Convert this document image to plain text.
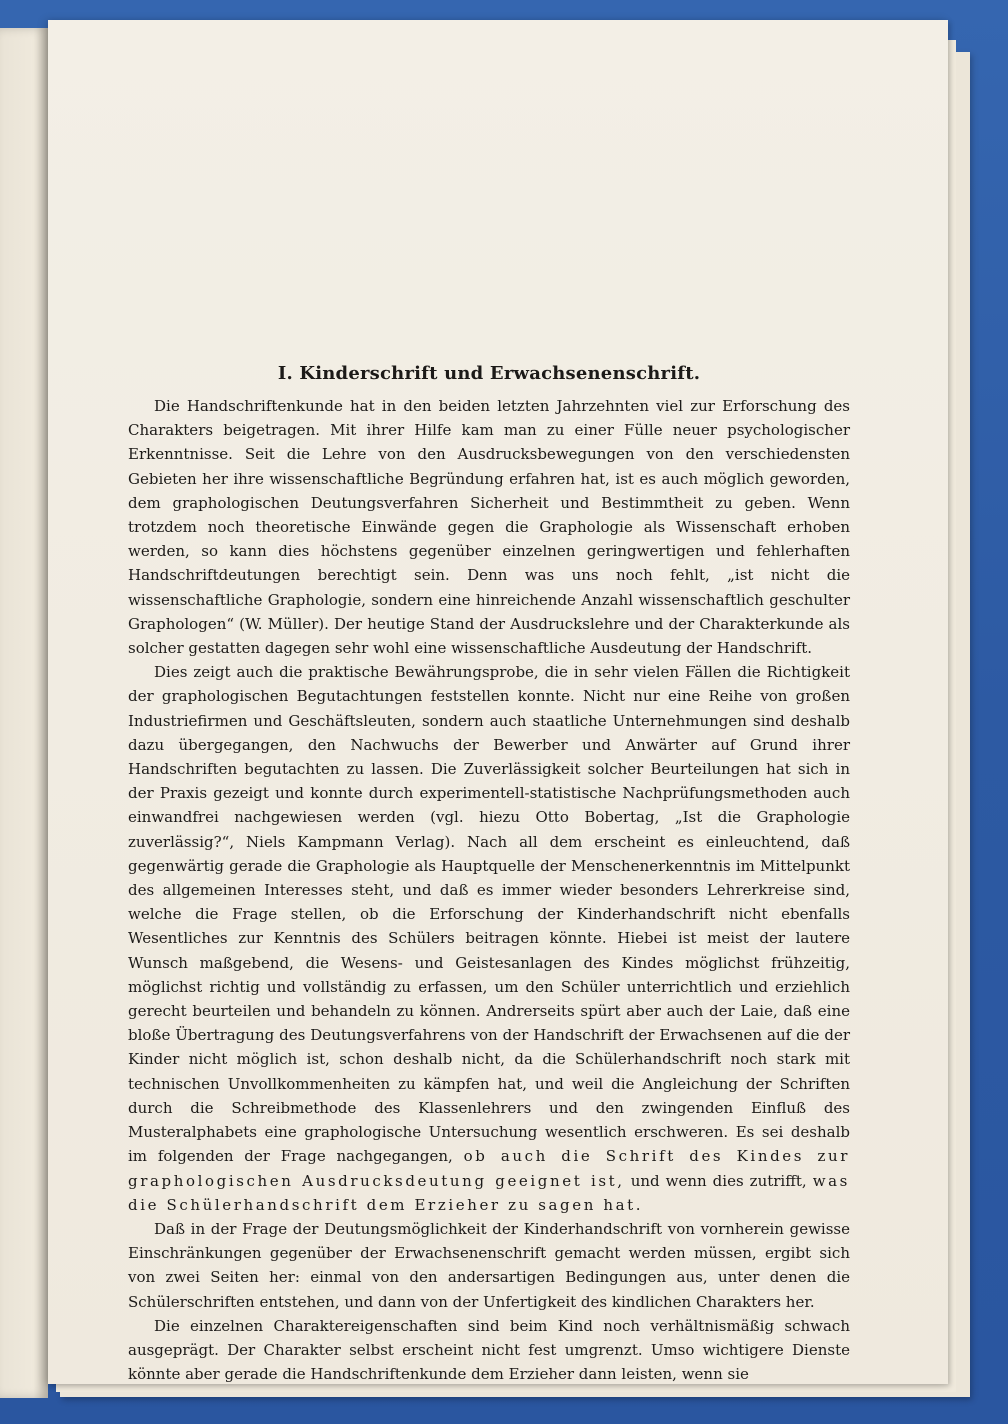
I. Kinderschrift und Erwachsenenschrift.

Die Handschriftenkunde hat in den beiden letzten Jahrzehnten viel zur Erforschung des Charakters beigetragen. Mit ihrer Hilfe kam man zu einer Fülle neuer psychologischer Erkenntnisse. Seit die Lehre von den Ausdrucksbewegungen von den verschiedensten Gebieten her ihre wissenschaftliche Begründung erfahren hat, ist es auch möglich geworden, dem graphologischen Deutungsverfahren Sicherheit und Bestimmtheit zu geben. Wenn trotzdem noch theoretische Einwände gegen die Graphologie als Wissenschaft erhoben werden, so kann dies höchstens gegenüber einzelnen geringwertigen und fehlerhaften Handschriftdeutungen berechtigt sein. Denn was uns noch fehlt, „ist nicht die wissenschaftliche Graphologie, sondern eine hinreichende Anzahl wissenschaftlich geschulter Graphologen“ (W. Müller). Der heutige Stand der Ausdruckslehre und der Charakterkunde als solcher gestatten dagegen sehr wohl eine wissenschaftliche Ausdeutung der Handschrift.

Dies zeigt auch die praktische Bewährungsprobe, die in sehr vielen Fällen die Richtigkeit der graphologischen Begutachtungen feststellen konnte. Nicht nur eine Reihe von großen Industriefirmen und Geschäftsleuten, sondern auch staatliche Unternehmungen sind deshalb dazu übergegangen, den Nachwuchs der Bewerber und Anwärter auf Grund ihrer Handschriften begutachten zu lassen. Die Zuverlässigkeit solcher Beurteilungen hat sich in der Praxis gezeigt und konnte durch experimentell-statistische Nachprüfungsmethoden auch einwandfrei nachgewiesen werden (vgl. hiezu Otto Bobertag, „Ist die Graphologie zuverlässig?“, Niels Kampmann Verlag). Nach all dem erscheint es einleuchtend, daß gegenwärtig gerade die Graphologie als Hauptquelle der Menschenerkenntnis im Mittelpunkt des allgemeinen Interesses steht, und daß es immer wieder besonders Lehrerkreise sind, welche die Frage stellen, ob die Erforschung der Kinderhandschrift nicht ebenfalls Wesentliches zur Kenntnis des Schülers beitragen könnte. Hiebei ist meist der lautere Wunsch maßgebend, die Wesens- und Geistesanlagen des Kindes möglichst frühzeitig, möglichst richtig und vollständig zu erfassen, um den Schüler unterrichtlich und erziehlich gerecht beurteilen und behandeln zu können. Andrerseits spürt aber auch der Laie, daß eine bloße Übertragung des Deutungsverfahrens von der Handschrift der Erwachsenen auf die der Kinder nicht möglich ist, schon deshalb nicht, da die Schülerhandschrift noch stark mit technischen Unvollkommenheiten zu kämpfen hat, und weil die Angleichung der Schriften durch die Schreibmethode des Klassenlehrers und den zwingenden Einfluß des Musteralphabets eine graphologische Untersuchung wesentlich erschweren. Es sei deshalb im folgenden der Frage nachgegangen, ob auch die Schrift des Kindes zur graphologischen Ausdrucksdeutung geeignet ist, und wenn dies zutrifft, was die Schülerhandschrift dem Erzieher zu sagen hat.

Daß in der Frage der Deutungsmöglichkeit der Kinderhandschrift von vornherein gewisse Einschränkungen gegenüber der Erwachsenenschrift gemacht werden müssen, ergibt sich von zwei Seiten her: einmal von den andersartigen Bedingungen aus, unter denen die Schülerschriften entstehen, und dann von der Unfertigkeit des kindlichen Charakters her.

Die einzelnen Charaktereigenschaften sind beim Kind noch verhältnismäßig schwach ausgeprägt. Der Charakter selbst erscheint nicht fest umgrenzt. Umso wichtigere Dienste könnte aber gerade die Handschriftenkunde dem Erzieher dann leisten, wenn sie
